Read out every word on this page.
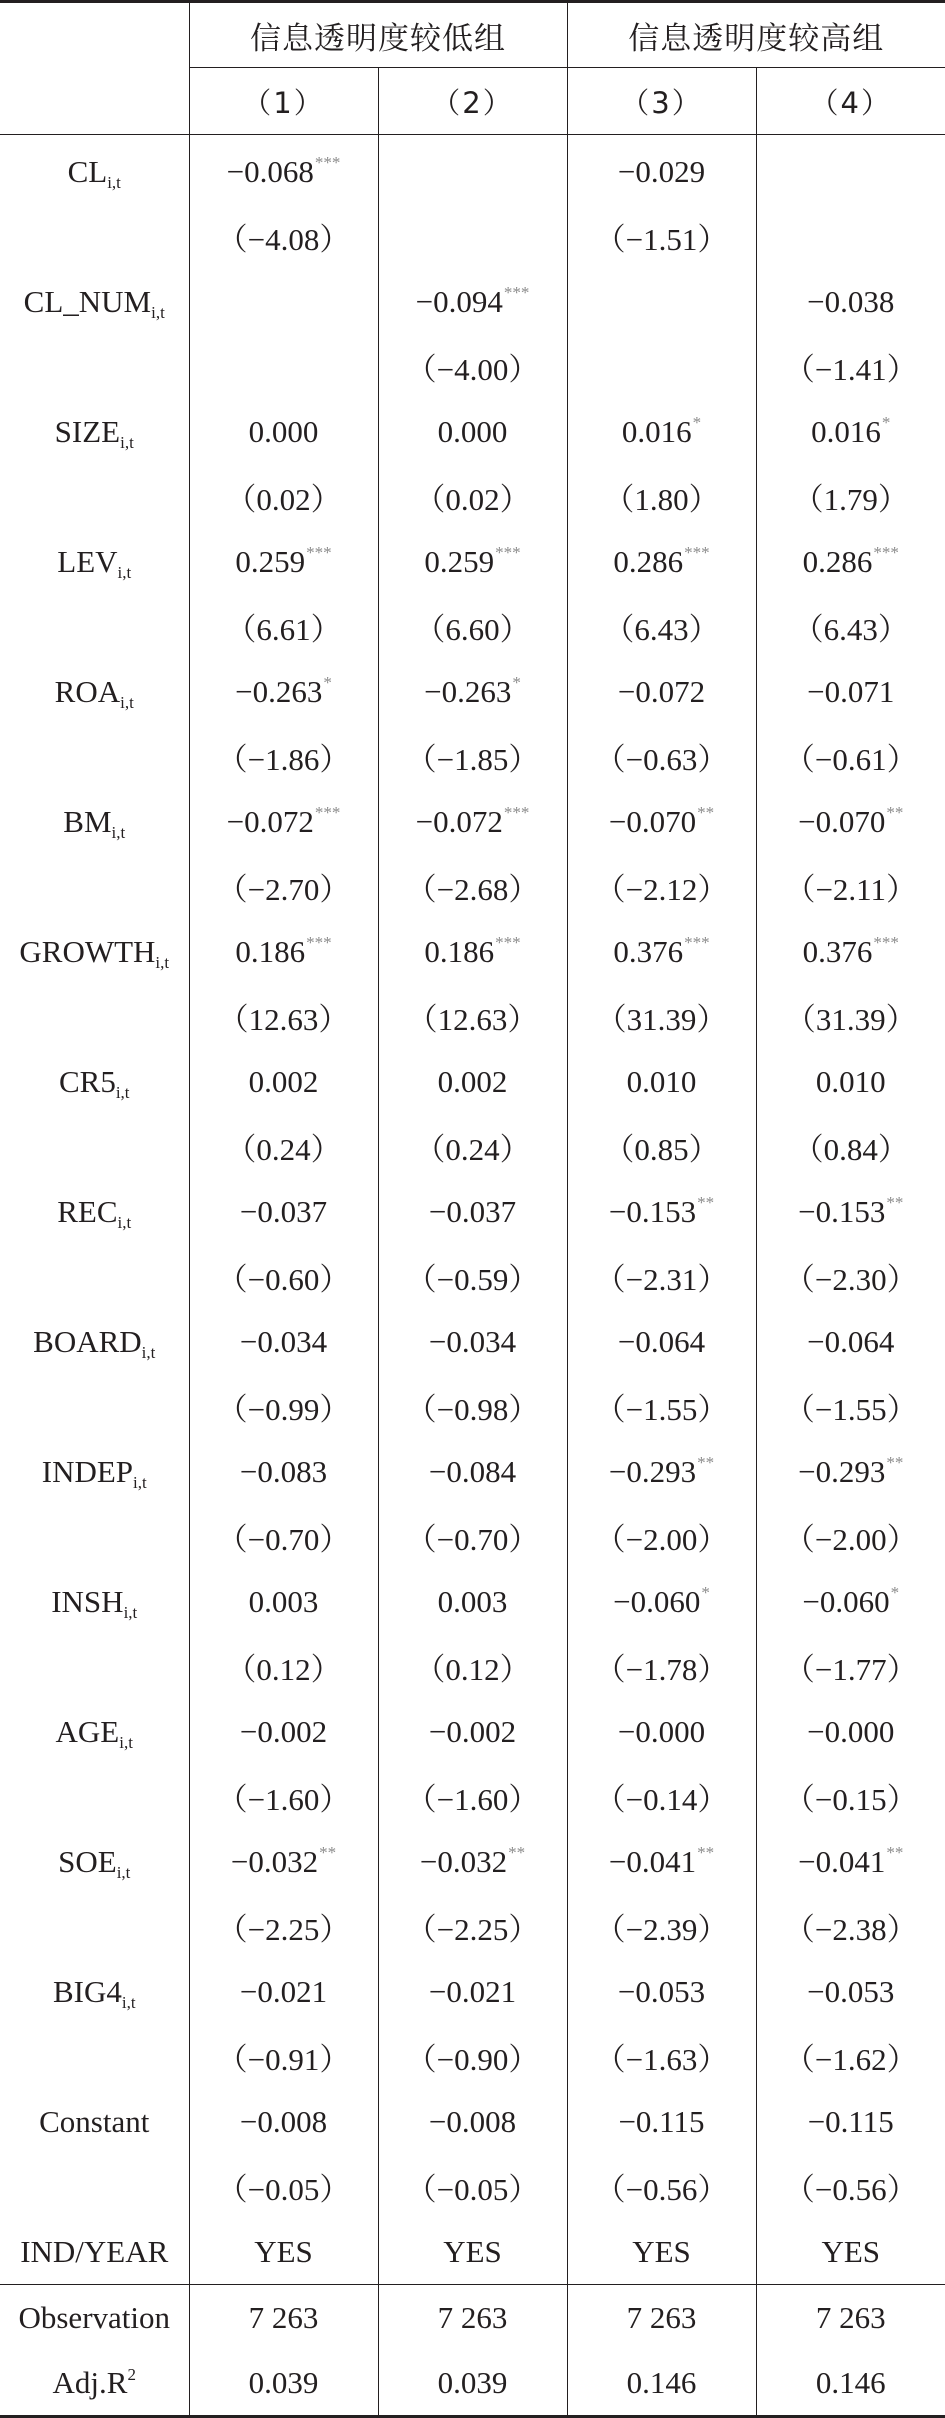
	信息透明度较低组		信息透明度较高组	
	（1）	（2）	（3）	（4）
$CL_{i,t}$	−0.068***		−0.029	
	（−4.08）		（−1.51）	
$CL\_NUM_{i,t}$		−0.094***		−0.038
		（−4.00）		（−1.41）
$SIZE_{i,t}$	0.000	0.000	0.016*	0.016*
	（0.02）	（0.02）	（1.80）	（1.79）
$LEV_{i,t}$	0.259***	0.259***	0.286***	0.286***
	（6.61）	（6.60）	（6.43）	（6.43）
$ROA_{i,t}$	−0.263*	−0.263*	−0.072	−0.071
	（−1.86）	（−1.85）	（−0.63）	（−0.61）
$BM_{i,t}$	−0.072***	−0.072***	−0.070**	−0.070**
	（−2.70）	（−2.68）	（−2.12）	（−2.11）
$GROWTH_{i,t}$	0.186***	0.186***	0.376***	0.376***
	（12.63）	（12.63）	（31.39）	（31.39）
$CR5_{i,t}$	0.002	0.002	0.010	0.010
	（0.24）	（0.24）	（0.85）	（0.84）
$REC_{i,t}$	−0.037	−0.037	−0.153**	−0.153**
	（−0.60）	（−0.59）	（−2.31）	（−2.30）
$BOARD_{i,t}$	−0.034	−0.034	−0.064	−0.064
	（−0.99）	（−0.98）	（−1.55）	（−1.55）
$INDEP_{i,t}$	−0.083	−0.084	−0.293**	−0.293**
	（−0.70）	（−0.70）	（−2.00）	（−2.00）
$INSH_{i,t}$	0.003	0.003	−0.060*	−0.060*
	（0.12）	（0.12）	（−1.78）	（−1.77）
$AGE_{i,t}$	−0.002	−0.002	−0.000	−0.000
	（−1.60）	（−1.60）	（−0.14）	（−0.15）
$SOE_{i,t}$	−0.032**	−0.032**	−0.041**	−0.041**
	（−2.25）	（−2.25）	（−2.39）	（−2.38）
$BIG4_{i,t}$	−0.021	−0.021	−0.053	−0.053
	（−0.91）	（−0.90）	（−1.63）	（−1.62）
Constant	−0.008	−0.008	−0.115	−0.115
	（−0.05）	（−0.05）	（−0.56）	（−0.56）
IND/YEAR	YES	YES	YES	YES
Observation	7 263	7 263	7 263	7 263
$Adj.R^2$	0.039	0.039	0.146	0.146
